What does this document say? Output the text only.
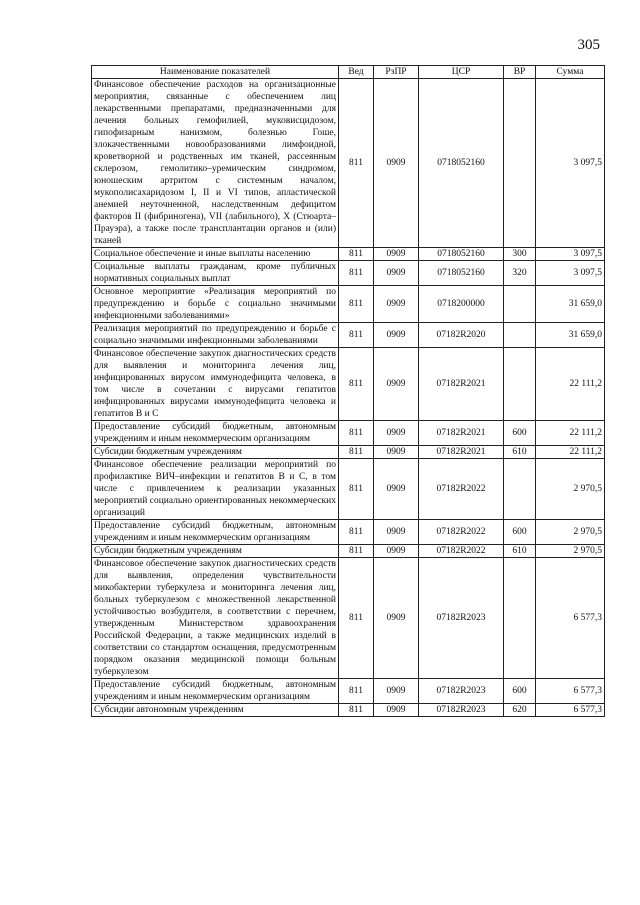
305
Наименование показателей	Вед	РзПР	ЦСР	ВР	Сумма
Финансовое обеспечение расходов на организационные мероприятия, связанные с обеспечением лиц лекарственными препаратами, предназначенными для лечения больных гемофилией, муковисцидозом, гипофизарным нанизмом, болезнью Гоше, злокачественными новообразованиями лимфоидной, кроветворной и родственных им тканей, рассеянным склерозом, гемолитико–уремическим синдромом, юношеским артритом с системным началом, мукополисахаридозом I, II и VI типов, апластической анемией неуточненной, наследственным дефицитом факторов II (фибриногена), VII (лабильного), X (Стюарта–Прауэра), а также после трансплантации органов и (или) тканей	811	0909	0718052160		3 097,5
Социальное обеспечение и иные выплаты населению	811	0909	0718052160	300	3 097,5
Социальные выплаты гражданам, кроме публичных нормативных социальных выплат	811	0909	0718052160	320	3 097,5
Основное мероприятие «Реализация мероприятий по предупреждению и борьбе с социально значимыми инфекционными заболеваниями»	811	0909	0718200000		31 659,0
Реализация мероприятий по предупреждению и борьбе с социально значимыми инфекционными заболеваниями	811	0909	07182R2020		31 659,0
Финансовое обеспечение закупок диагностических средств для выявления и мониторинга лечения лиц, инфицированных вирусом иммунодефицита человека, в том числе в сочетании с вирусами гепатитов инфицированных вирусами иммунодефицита человека и гепатитов В и С	811	0909	07182R2021		22 111,2
Предоставление субсидий бюджетным, автономным учреждениям и иным некоммерческим организациям	811	0909	07182R2021	600	22 111,2
Субсидии бюджетным учреждениям	811	0909	07182R2021	610	22 111,2
Финансовое обеспечение реализации мероприятий по профилактике ВИЧ–инфекции и гепатитов В и С, в том числе с привлечением к реализации указанных мероприятий социально ориентированных некоммерческих организаций	811	0909	07182R2022		2 970,5
Предоставление субсидий бюджетным, автономным учреждениям и иным некоммерческим организациям	811	0909	07182R2022	600	2 970,5
Субсидии бюджетным учреждениям	811	0909	07182R2022	610	2 970,5
Финансовое обеспечение закупок диагностических средств для выявления, определения чувствительности микобактерии туберкулеза и мониторинга лечения лиц, больных туберкулезом с множественной лекарственной устойчивостью возбудителя, в соответствии с перечнем, утвержденным Министерством здравоохранения Российской Федерации, а также медицинских изделий в соответствии со стандартом оснащения, предусмотренным порядком оказания медицинской помощи больным туберкулезом	811	0909	07182R2023		6 577,3
Предоставление субсидий бюджетным, автономным учреждениям и иным некоммерческим организациям	811	0909	07182R2023	600	6 577,3
Субсидии автономным учреждениям	811	0909	07182R2023	620	6 577,3
